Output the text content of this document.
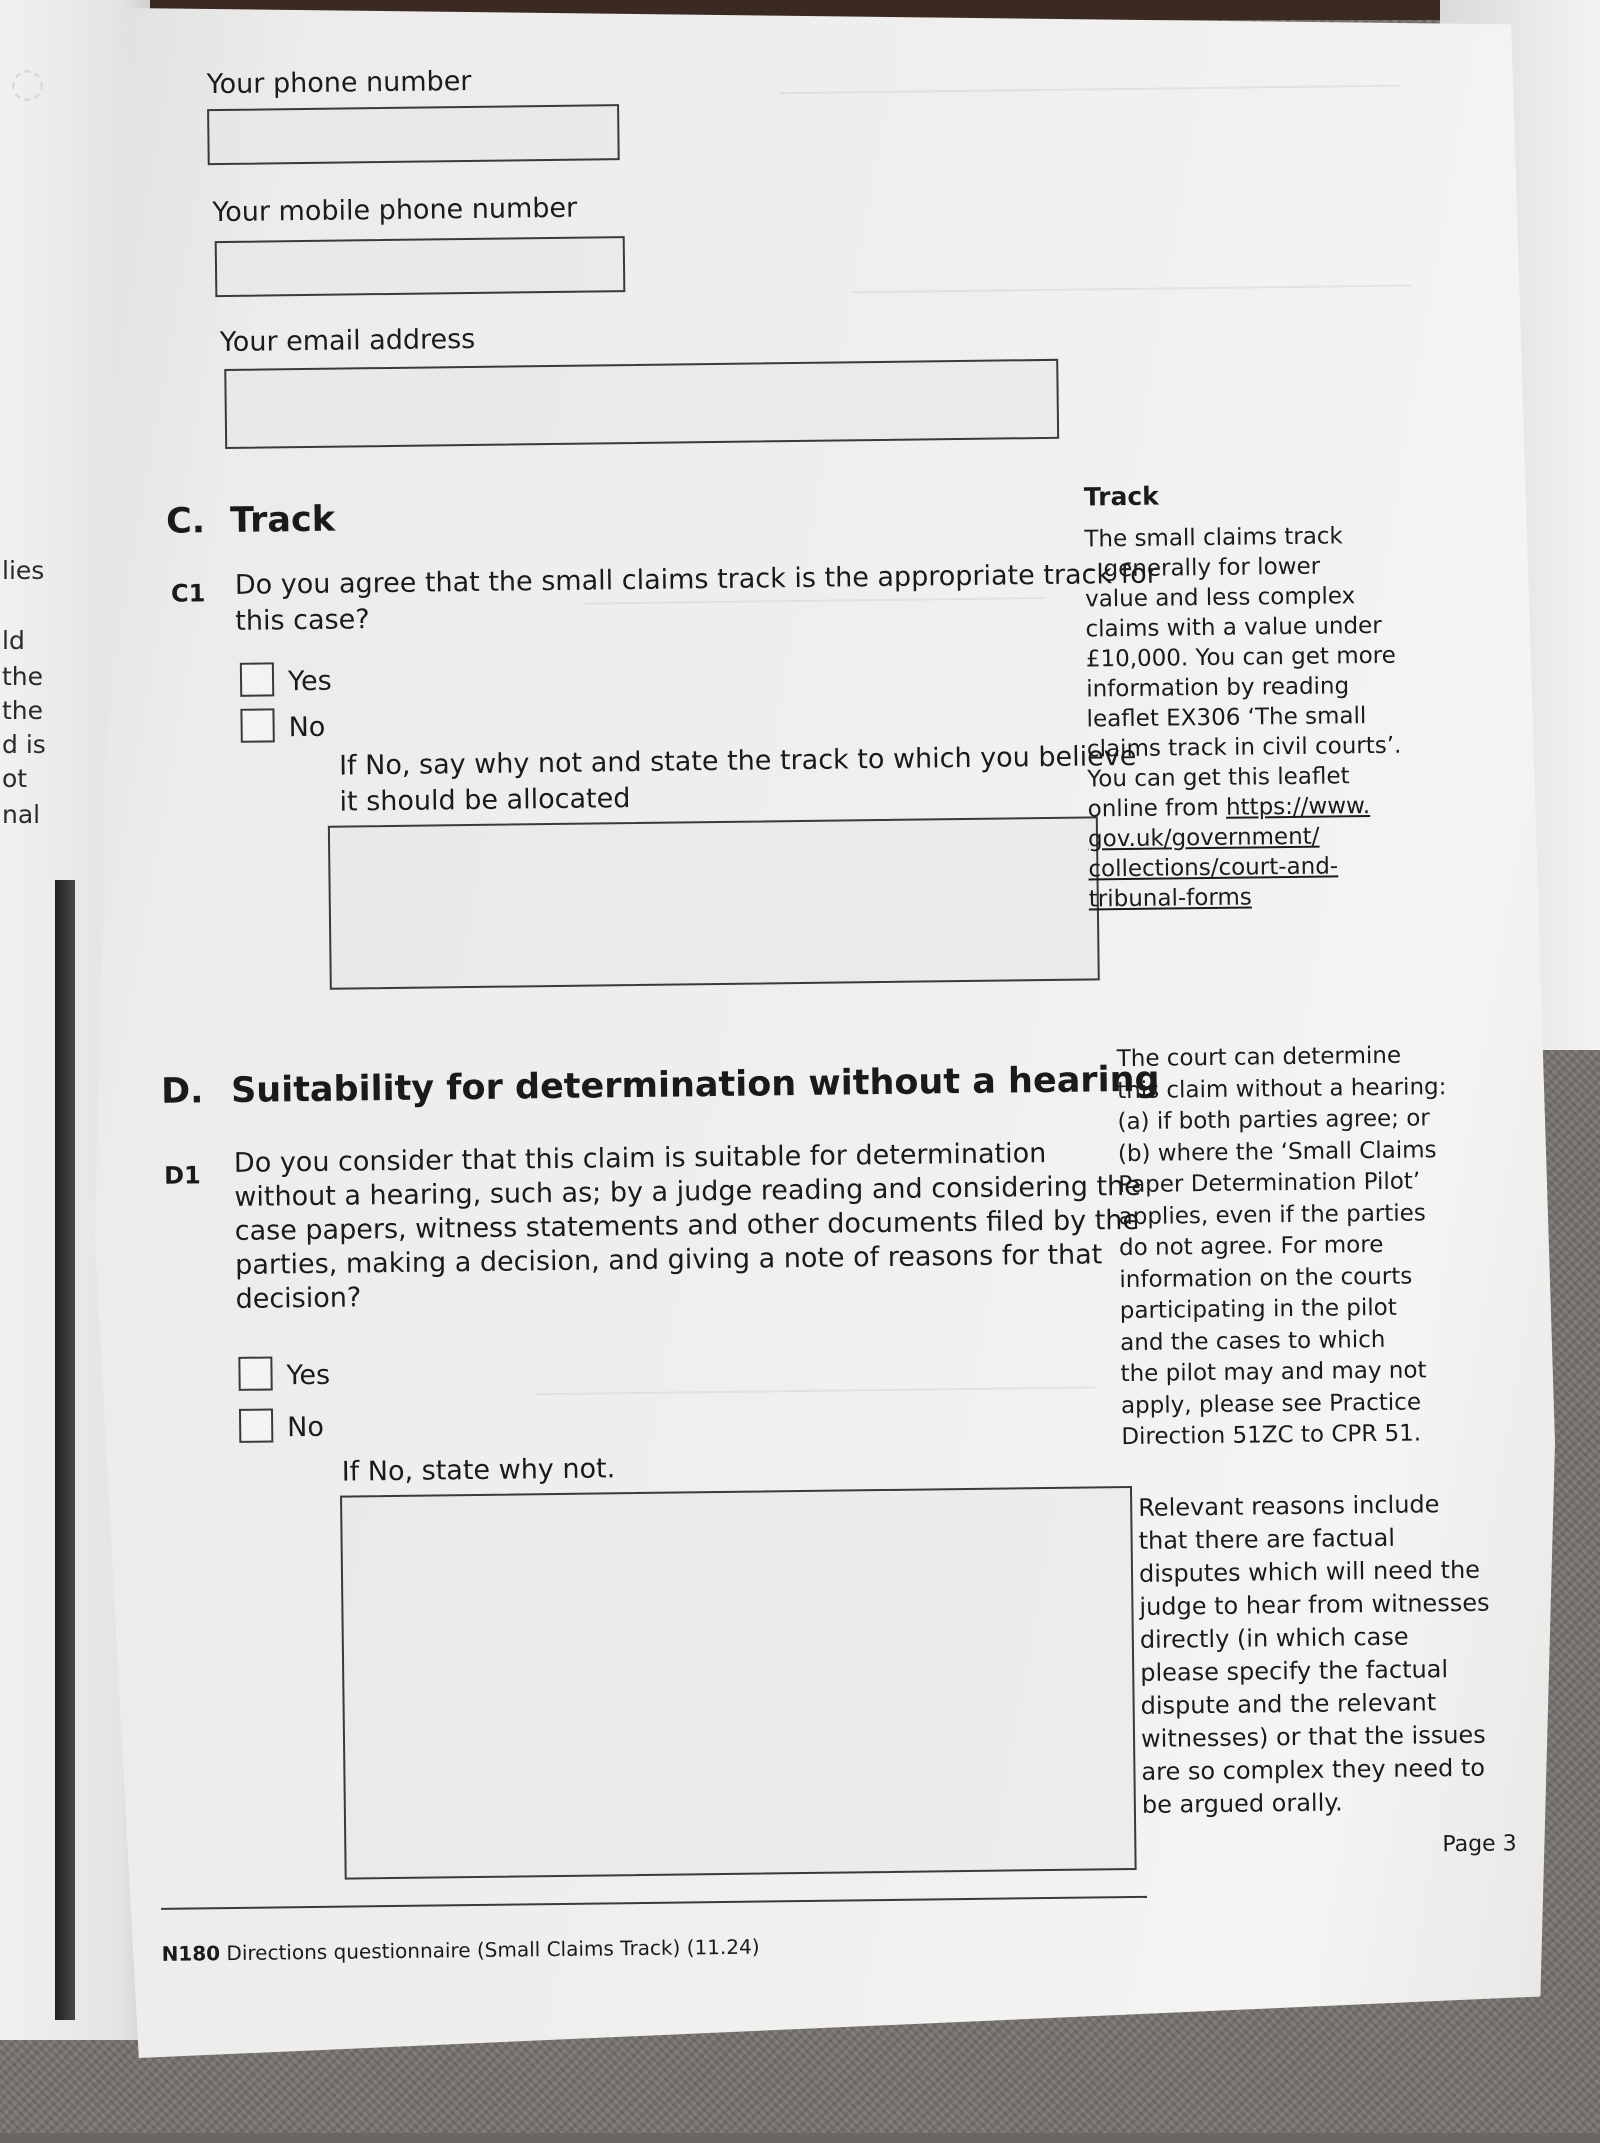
◌
lies
ld
the
the
d is
ot
nal
Your phone number
Your mobile phone number
Your email address
C. Track
C1 Do you agree that the small claims track is the appropriate track for
this case?
Yes
No
If No, say why not and state the track to which you believe
it should be allocated
Track
The small claims track
– generally for lower
value and less complex
claims with a value under
£10,000. You can get more
information by reading
leaflet EX306 ‘The small
claims track in civil courts’.
You can get this leaflet
online from https://www.
gov.uk/government/
collections/court-and-
tribunal-forms
D. Suitability for determination without a hearing
D1 Do you consider that this claim is suitable for determination
without a hearing, such as; by a judge reading and considering the
case papers, witness statements and other documents filed by the
parties, making a decision, and giving a note of reasons for that
decision?
Yes
No
If No, state why not.
The court can determine
this claim without a hearing:
(a) if both parties agree; or
(b) where the ‘Small Claims
Paper Determination Pilot’
applies, even if the parties
do not agree. For more
information on the courts
participating in the pilot
and the cases to which
the pilot may and may not
apply, please see Practice
Direction 51ZC to CPR 51.
Relevant reasons include
that there are factual
disputes which will need the
judge to hear from witnesses
directly (in which case
please specify the factual
dispute and the relevant
witnesses) or that the issues
are so complex they need to
be argued orally.
Page 3
N180 Directions questionnaire (Small Claims Track) (11.24)
